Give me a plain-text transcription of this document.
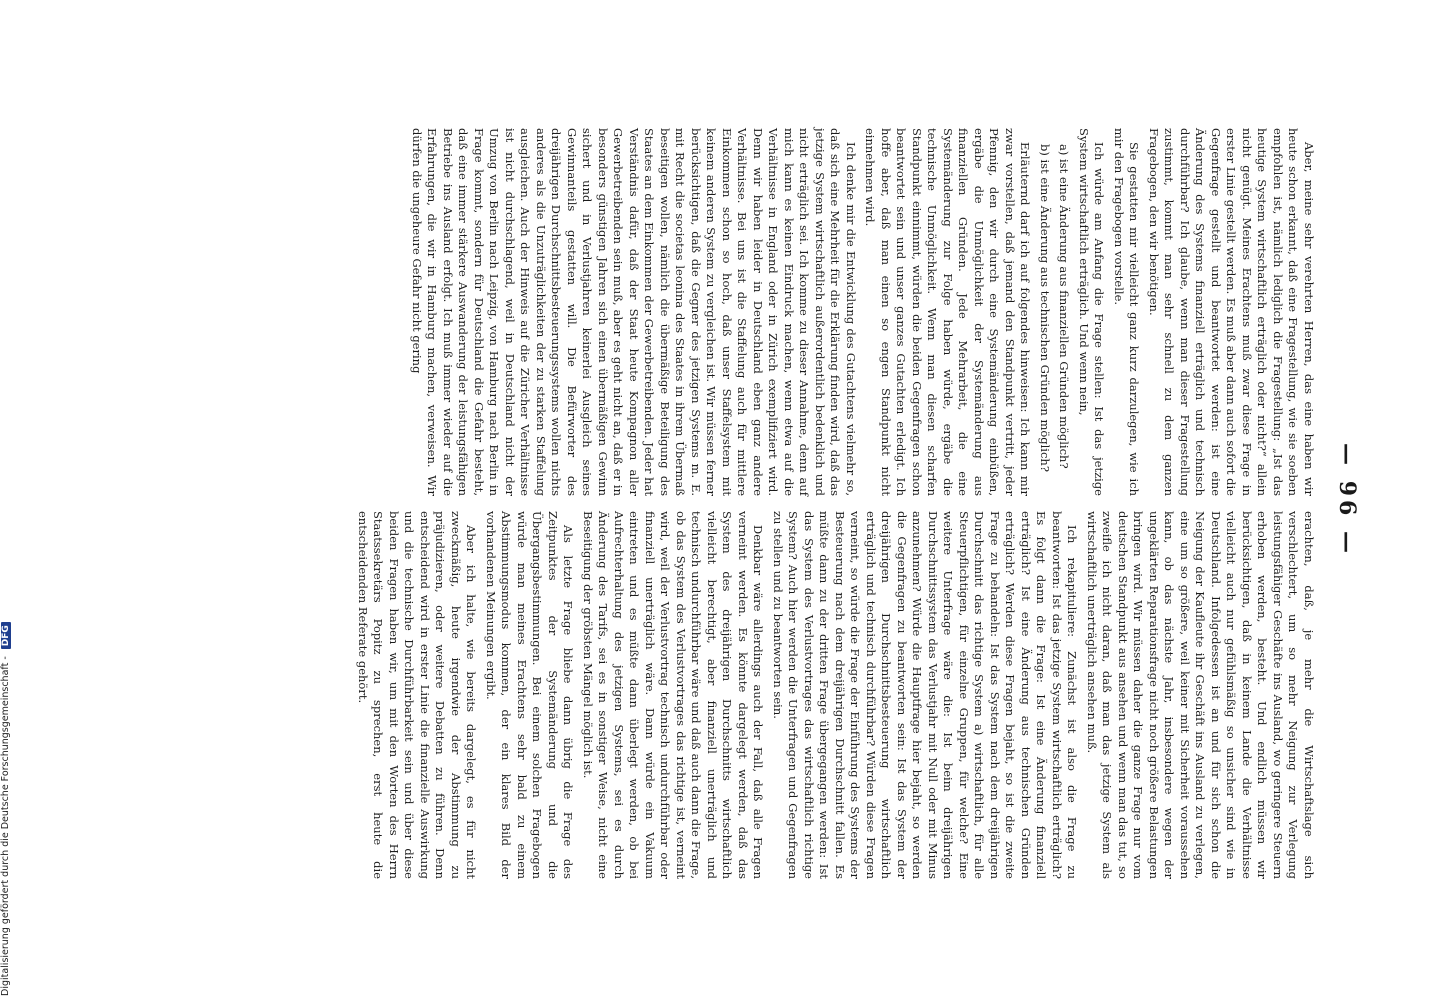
— 96 —

Aber, meine sehr verehrten Herren, das eine haben wir heute schon erkannt, daß eine Fragestellung, wie sie soeben empfohlen ist, nämlich lediglich die Fragestellung: „Ist das heutige System wirtschaftlich erträglich oder nicht?“ allein nicht genügt. Meines Erachtens muß zwar diese Frage in erster Linie gestellt werden. Es muß aber dann auch sofort die Gegenfrage gestellt und beantwortet werden: ist eine Änderung des Systems finanziell erträglich und technisch durchführbar? Ich glaube, wenn man dieser Fragestellung zustimmt, kommt man sehr schnell zu dem ganzen Fragebogen, den wir benötigen.

Sie gestatten mir vielleicht ganz kurz darzulegen, wie ich mir den Fragebogen vorstelle.

Ich würde am Anfang die Frage stellen: Ist das jetzige System wirtschaftlich erträglich. Und wenn nein,

a) ist eine Änderung aus finanziellen Gründen möglich?

b) ist eine Änderung aus technischen Gründen möglich?

Erläuternd darf ich auf folgendes hinweisen: Ich kann mir zwar vorstellen, daß jemand den Standpunkt vertritt, jeder Pfennig, den wir durch eine Systemänderung einbüßen, ergäbe die Unmöglichkeit der Systemänderung aus finanziellen Gründen. Jede Mehrarbeit, die eine Systemänderung zur Folge haben würde, ergäbe die technische Unmöglichkeit. Wenn man diesen scharfen Standpunkt einnimmt, würden die beiden Gegenfragen schon beantwortet sein und unser ganzes Gutachten erledigt. Ich hoffe aber, daß man einen so engen Standpunkt nicht einnehmen wird.

Ich denke mir die Entwicklung des Gutachtens vielmehr so, daß sich eine Mehrheit für die Erklärung finden wird, daß das jetzige System wirtschaftlich außerordentlich bedenklich und nicht erträglich sei. Ich komme zu dieser Annahme, denn auf mich kann es keinen Eindruck machen, wenn etwa auf die Verhältnisse in England oder in Zürich exemplifiziert wird. Denn wir haben leider in Deutschland eben ganz andere Verhältnisse. Bei uns ist die Staffelung auch für mittlere Einkommen schon so hoch, daß unser Staffelsystem mit keinem anderen System zu vergleichen ist. Wir müssen ferner berücksichtigen, daß die Gegner des jetzigen Systems m. E. mit Recht die societas leonina des Staates in ihrem Übermaß beseitigen wollen, nämlich die übermäßige Beteiligung des Staates an dem Einkommen der Gewerbetreibenden. Jeder hat Verständnis dafür, daß der Staat heute Kompagnon aller Gewerbetreibenden sein muß, aber es geht nicht an, daß er in besonders günstigen Jahren sich einen übermäßigen Gewinn sichert und in Verlustjahren keinerlei Ausgleich seines Gewinnanteils gestatten will. Die Befürworter des dreijährigen Durchschnittsbesteuerungssystems wollen nichts anderes als die Unzuträglichkeiten der zu starken Staffelung ausgleichen. Auch der Hinweis auf die Züricher Verhältnisse ist nicht durchschlagend, weil in Deutschland nicht der Umzug von Berlin nach Leipzig, von Hamburg nach Berlin in Frage kommt, sondern für Deutschland die Gefahr besteht, daß eine immer stärkere Auswanderung der leistungsfähigen Betriebe ins Ausland erfolgt. Ich muß immer wieder auf die Erfahrungen, die wir in Hamburg machen, verweisen. Wir dürfen die ungeheure Gefahr nicht gering

erachten, daß, je mehr die Wirtschaftslage sich verschlechtert, um so mehr Neigung zur Verlegung leistungsfähiger Geschäfte ins Ausland, wo geringere Steuern erhoben werden, besteht. Und endlich müssen wir berücksichtigen, daß in keinem Lande die Verhältnisse vielleicht auch nur gefühlsmäßig so unsicher sind wie in Deutschland. Infolgedessen ist an und für sich schon die Neigung der Kaufleute ihr Geschäft ins Ausland zu verlegen, eine um so größere, weil keiner mit Sicherheit voraussehen kann, ob das nächste Jahr, insbesondere wegen der ungeklärten Reparationsfrage nicht noch größere Belastungen bringen wird. Wir müssen daher die ganze Frage nur vom deutschen Standpunkt aus ansehen und wenn man das tut, so zweifle ich nicht daran, daß man das jetzige System als wirtschaftlich unerträglich ansehen muß.

Ich rekapituliere: Zunächst ist also die Frage zu beantworten: Ist das jetzige System wirtschaftlich erträglich? Es folgt dann die Frage: Ist eine Änderung finanziell erträglich? Ist eine Änderung aus technischen Gründen erträglich? Werden diese Fragen bejaht, so ist die zweite Frage zu behandeln: Ist das System nach dem dreijährigen Durchschnitt das richtige System a) wirtschaftlich, für alle Steuerpflichtigen, für einzelne Gruppen, für welche? Eine weitere Unterfrage wäre die: Ist beim dreijährigen Durchschnittssystem das Verlustjahr mit Null oder mit Minus anzunehmen? Würde die Hauptfrage hier bejaht, so werden die Gegenfragen zu beantworten sein: Ist das System der dreijährigen Durchschnittsbesteuerung wirtschaftlich erträglich und technisch durchführbar? Würden diese Fragen verneint, so würde die Frage der Einführung des Systems der Besteuerung nach dem dreijährigen Durchschnitt fallen. Es müßte dann zu der dritten Frage übergegangen werden: Ist das System des Verlustvortrages das wirtschaftlich richtige System? Auch hier werden die Unterfragen und Gegenfragen zu stellen und zu beantworten sein.

Denkbar wäre allerdings auch der Fall, daß alle Fragen verneint werden. Es könnte dargelegt werden, daß das System des dreijährigen Durchschnitts wirtschaftlich vielleicht berechtigt, aber finanziell unerträglich und technisch undurchführbar wäre und daß auch dann die Frage, ob das System des Verlustvortrages das richtige ist, verneint wird, weil der Verlustvortrag technisch undurchführbar oder finanziell unerträglich wäre. Dann würde ein Vakuum eintreten und es müßte dann überlegt werden, ob bei Aufrechterhaltung des jetzigen Systems, sei es durch Änderung des Tarifs, sei es in sonstiger Weise, nicht eine Beseitigung der gröbsten Mängel möglich ist.

Als letzte Frage bliebe dann übrig die Frage des Zeitpunktes der Systemänderung und die Übergangsbestimmungen. Bei einem solchen Fragebogen würde man meines Erachtens sehr bald zu einem Abstimmungsmodus kommen, der ein klares Bild der vorhandenen Meinungen ergibt.

Aber ich halte, wie bereits dargelegt, es für nicht zweckmäßig, heute irgendwie der Abstimmung zu präjudizieren, oder weitere Debatten zu führen. Denn entscheidend wird in erster Linie die finanzielle Auswirkung und die technische Durchführbarkeit sein und über diese beiden Fragen haben wir, um mit den Worten des Herrn Staatssekretärs Popitz zu sprechen, erst heute die entscheidenden Referate gehört.

Digitalisierung gefördert durch die Deutsche Forschungsgemeinschaft - DFG
